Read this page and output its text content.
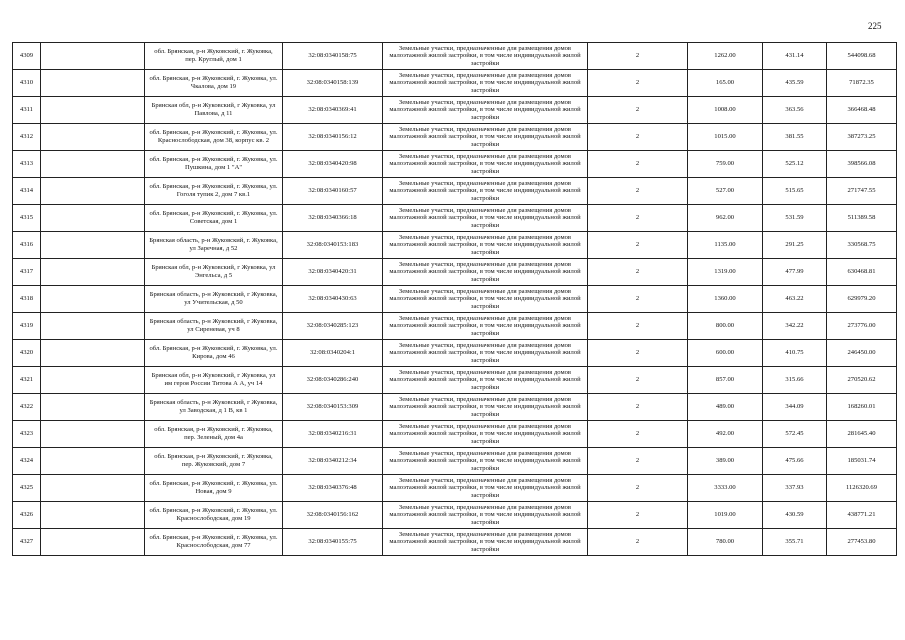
225
4309		обл. Брянская, р-н Жуковский, г. Жуковка, пер. Круглый, дом 1	32:08:0340158:75	Земельные участки, предназначенные для размещения домов малоэтажной жилой застройки, в том числе индивидуальной жилой застройки	2	1262.00	431.14	544098.68
4310		обл. Брянская, р-н Жуковский, г. Жуковка, ул. Чкалова, дом 19	32:08:0340158:139	Земельные участки, предназначенные для размещения домов малоэтажной жилой застройки, в том числе индивидуальной жилой застройки	2	165.00	435.59	71872.35
4311		Брянская обл, р-н Жуковский, г Жуковка, ул Павлова, д 11	32:08:0340369:41	Земельные участки, предназначенные для размещения домов малоэтажной жилой застройки, в том числе индивидуальной жилой застройки	2	1008.00	363.56	366468.48
4312		обл. Брянская, р-н Жуковский, г. Жуковка, ул. Краснослободская, дом 38, корпус кв. 2	32:08:0340156:12	Земельные участки, предназначенные для размещения домов малоэтажной жилой застройки, в том числе индивидуальной жилой застройки	2	1015.00	381.55	387273.25
4313		обл. Брянская, р-н Жуковский, г. Жуковка, ул. Пушкина, дом 1 "А"	32:08:0340420:98	Земельные участки, предназначенные для размещения домов малоэтажной жилой застройки, в том числе индивидуальной жилой застройки	2	759.00	525.12	398566.08
4314		обл. Брянская, р-н Жуковский, г. Жуковка, ул. Гоголя тупик 2, дом 7 кв.1	32:08:0340160:57	Земельные участки, предназначенные для размещения домов малоэтажной жилой застройки, в том числе индивидуальной жилой застройки	2	527.00	515.65	271747.55
4315		обл. Брянская, р-н Жуковский, г. Жуковка, ул. Советская, дом 1	32:08:0340366:18	Земельные участки, предназначенные для размещения домов малоэтажной жилой застройки, в том числе индивидуальной жилой застройки	2	962.00	531.59	511389.58
4316		Брянская область, р-н Жуковский, г. Жуковка, ул Заречная, д 52	32:08:0340153:183	Земельные участки, предназначенные для размещения домов малоэтажной жилой застройки, в том числе индивидуальной жилой застройки	2	1135.00	291.25	330568.75
4317		Брянская обл, р-н Жуковский, г Жуковка, ул Энгельса, д 5	32:08:0340420:31	Земельные участки, предназначенные для размещения домов малоэтажной жилой застройки, в том числе индивидуальной жилой застройки	2	1319.00	477.99	630468.81
4318		Брянская область, р-н Жуковский, г Жуковка, ул Учительская, д 50	32:08:0340430:63	Земельные участки, предназначенные для размещения домов малоэтажной жилой застройки, в том числе индивидуальной жилой застройки	2	1360.00	463.22	629979.20
4319		Брянская область, р-н Жуковский, г Жуковка, ул Сиреневая, уч 8	32:08:0340285:123	Земельные участки, предназначенные для размещения домов малоэтажной жилой застройки, в том числе индивидуальной жилой застройки	2	800.00	342.22	273776.00
4320		обл. Брянская, р-н Жуковский, г. Жуковка, ул. Кирова, дом 46	32:08:0340204:1	Земельные участки, предназначенные для размещения домов малоэтажной жилой застройки, в том числе индивидуальной жилой застройки	2	600.00	410.75	246450.00
4321		Брянская обл, р-н Жуковский, г Жуковка, ул им героя России Титова А А, уч 14	32:08:0340286:240	Земельные участки, предназначенные для размещения домов малоэтажной жилой застройки, в том числе индивидуальной жилой застройки	2	857.00	315.66	270520.62
4322		Брянская область, р-н Жуковский, г Жуковка, ул Заводская, д 1 В, кв 1	32:08:0340153:309	Земельные участки, предназначенные для размещения домов малоэтажной жилой застройки, в том числе индивидуальной жилой застройки	2	489.00	344.09	168260.01
4323		обл. Брянская, р-н Жуковский, г. Жуковка, пер. Зеленый, дом 4а	32:08:0340216:31	Земельные участки, предназначенные для размещения домов малоэтажной жилой застройки, в том числе индивидуальной жилой застройки	2	492.00	572.45	281645.40
4324		обл. Брянская, р-н Жуковский, г. Жуковка, пер. Жуковский, дом 7	32:08:0340212:34	Земельные участки, предназначенные для размещения домов малоэтажной жилой застройки, в том числе индивидуальной жилой застройки	2	389.00	475.66	185031.74
4325		обл. Брянская, р-н Жуковский, г. Жуковка, ул. Новая, дом 9	32:08:0340376:48	Земельные участки, предназначенные для размещения домов малоэтажной жилой застройки, в том числе индивидуальной жилой застройки	2	3333.00	337.93	1126320.69
4326		обл. Брянская, р-н Жуковский, г. Жуковка, ул. Краснослободская, дом 19	32:08:0340156:162	Земельные участки, предназначенные для размещения домов малоэтажной жилой застройки, в том числе индивидуальной жилой застройки	2	1019.00	430.59	438771.21
4327		обл. Брянская, р-н Жуковский, г. Жуковка, ул. Краснослободская, дом 77	32:08:0340155:75	Земельные участки, предназначенные для размещения домов малоэтажной жилой застройки, в том числе индивидуальной жилой застройки	2	780.00	355.71	277453.80
